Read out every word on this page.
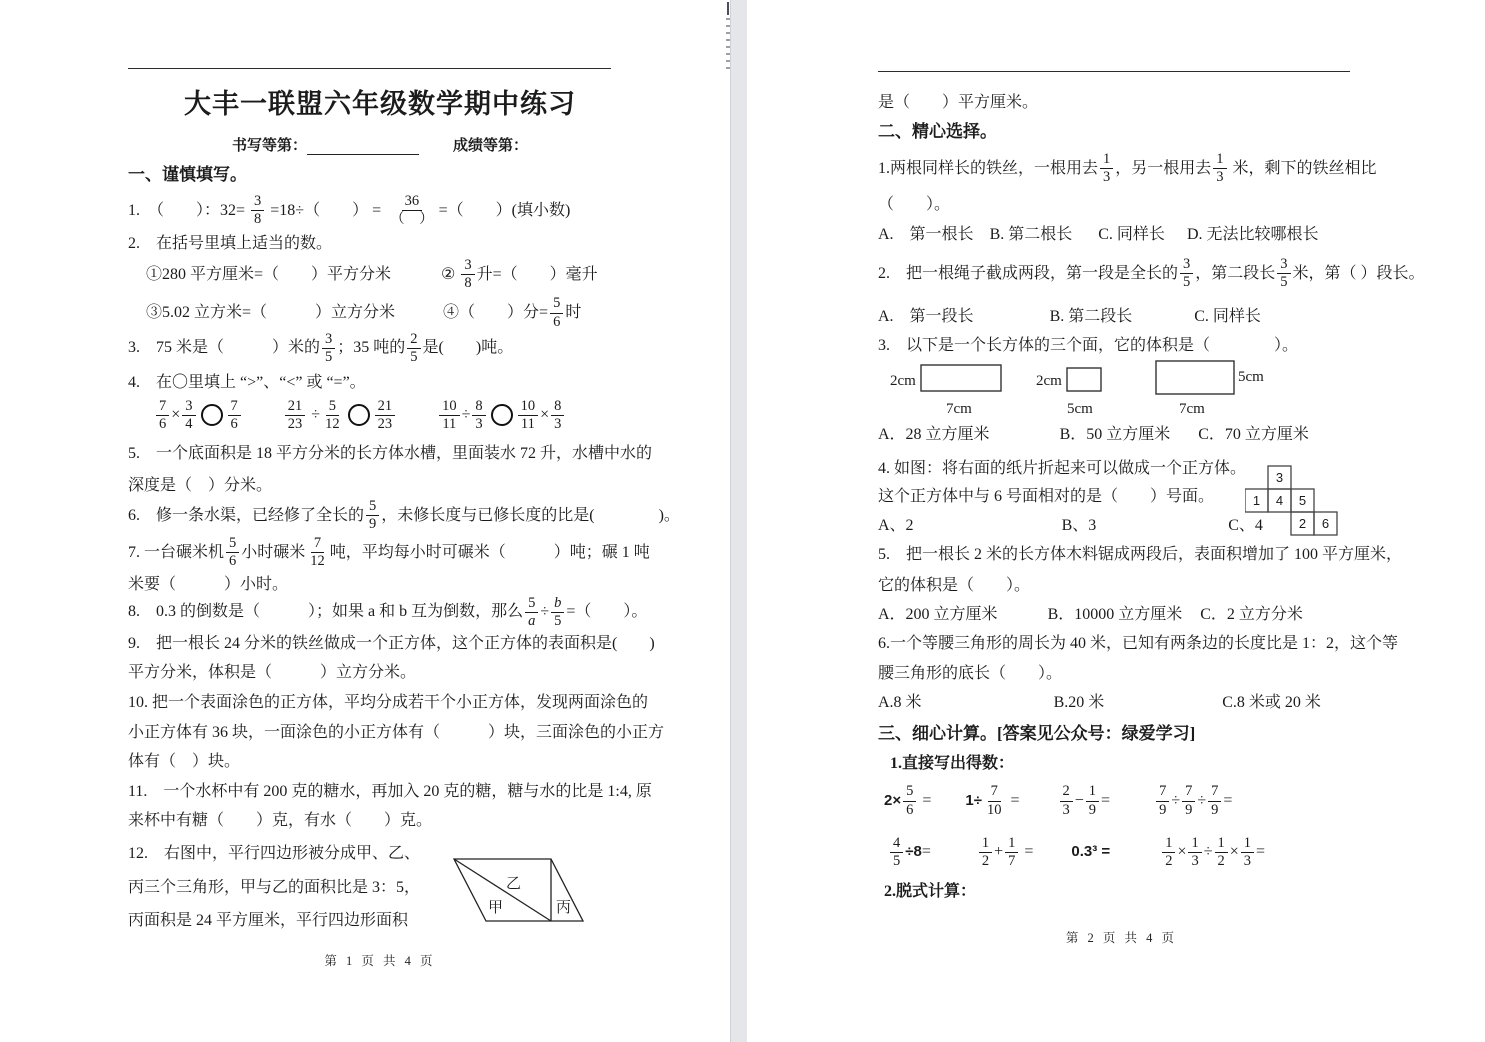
大丰一联盟六年级数学期中练习
书写等第：	成绩等第：
一、谨慎填写。
1.　（　　）：$32= \frac{3}{8} =18\div$（　　） = $\frac{36}{( )}$ =（　　）(填小数)
2.　在括号里填上适当的数。
①280 平方厘米=（　　）平方分米	② $\frac{3}{8}$ 升=（　　）毫升
③5.02 立方米=（　　　）立方分米	④（　　）分= $\frac{5}{6}$ 时
3.　75 米是（　　　）米的 $\frac{3}{5}$ ；35 吨的 $\frac{2}{5}$ 是(　　)吨。
4.　在〇里填上 “>”、“<” 或 “=”。
$\frac{7}{6} \times \frac{3}{4} \frac{7}{6}$	$\frac{21}{23} \div \frac{5}{12} \frac{21}{23}$	$\frac{10}{11} \div \frac{8}{3} \frac{10}{11} \times \frac{8}{3}$
5.　一个底面积是 18 平方分米的长方体水槽，里面装水 72 升，水槽中水的
深度是（　）分米。
6.　修一条水渠，已经修了全长的 $\frac{5}{9}$ ，未修长度与已修长度的比是(　　　　)。
7. 一台碾米机 $\frac{5}{6}$ 小时碾米 $\frac{7}{12}$ 吨，平均每小时可碾米（　　　）吨；碾 1 吨
米要（　　　）小时。
8.　0.3 的倒数是（　　　）；如果 a 和 b 互为倒数，那么 $\frac{5}{a} \div \frac{b}{5}$ =（　　）。
9.　把一根长 24 分米的铁丝做成一个正方体，这个正方体的表面积是(　　)
平方分米，体积是（　　　）立方分米。
10. 把一个表面涂色的正方体，平均分成若干个小正方体，发现两面涂色的
小正方体有 36 块，一面涂色的小正方体有（　　　）块，三面涂色的小正方
体有（　）块。
11.　一个水杯中有 200 克的糖水，再加入 20 克的糖，糖与水的比是 1:4, 原
来杯中有糖（　　）克，有水（　　）克。
12.　右图中，平行四边形被分成甲、乙、
丙三个三角形，甲与乙的面积比是 3：5，
丙面积是 24 平方厘米，平行四边形面积
第 1 页 共 4 页
乙
甲	丙
是（　　）平方厘米。
二、精心选择。
1.两根同样长的铁丝，一根用去 $\frac{1}{3}$ ，另一根用去 $\frac{1}{3}$ 米，剩下的铁丝相比
（　　）。
A.　第一根长 B. 第二根长 C. 同样长 D. 无法比较哪根长
2.　把一根绳子截成两段，第一段是全长的 $\frac{3}{5}$ ，第二段长 $\frac{3}{5}$ 米，第（ ）段长。
A.　第一段长	B. 第二段长	C. 同样长
3.　以下是一个长方体的三个面，它的体积是（　　　　）。
2cm
7cm
2cm
5cm
5cm
7cm
A．28 立方厘米	B．50 立方厘米 C．70 立方厘米
4. 如图：将右面的纸片折起来可以做成一个正方体。
这个正方体中与 6 号面相对的是（　　）号面。
A、2	B、3	C、4
5.　把一根长 2 米的长方体木料锯成两段后，表面积增加了 100 平方厘米，
它的体积是（　　）。
A．200 立方厘米	B．10000 立方厘米 C．2 立方分米
6.一个等腰三角形的周长为 40 米，已知有两条边的长度比是 1：2，这个等
腰三角形的底长（　　）。
A.8 米	B.20 米	C.8 米或 20 米
三、细心计算。[答案见公众号：绿爱学习]
1.直接写出得数：
$2\times \frac{5}{6} = 1\div \frac{7}{10}$ =	$\frac{2}{3} - \frac{1}{9}$ =	$\frac{7}{9} \div \frac{7}{9} \div \frac{7}{9}$ =
$\frac{4}{5} \div 8$ =	$\frac{1}{2} + \frac{1}{7}$ =	0.3³ =	$\frac{1}{2} \times \frac{1}{3} \div \frac{1}{2} \times \frac{1}{3}$ =
2.脱式计算：
第 2 页 共 4 页
3
1 4 5
2 6
